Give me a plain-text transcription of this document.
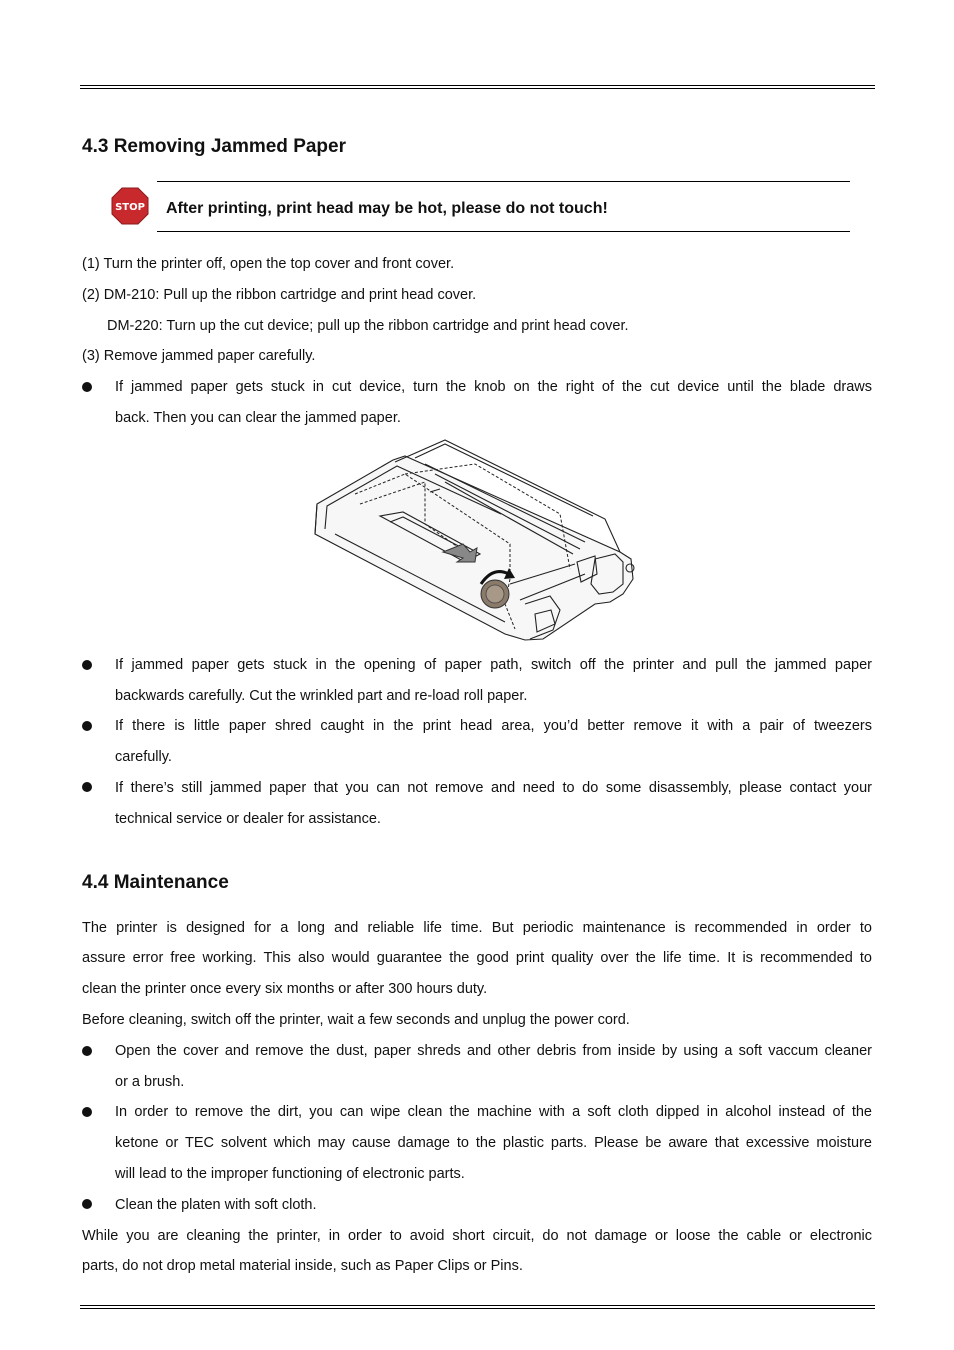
4.3 Removing Jammed Paper
STOP After printing, print head may be hot, please do not touch!
(1) Turn the printer off, open the top cover and front cover.
(2) DM-210: Pull up the ribbon cartridge and print head cover.
DM-220: Turn up the cut device; pull up the ribbon cartridge and print head cover.
(3) Remove jammed paper carefully.
If jammed paper gets stuck in cut device, turn the knob on the right of the cut device until the blade draws
back. Then you can clear the jammed paper.
If jammed paper gets stuck in the opening of paper path, switch off the printer and pull the jammed paper
backwards carefully. Cut the wrinkled part and re-load roll paper.
If there is little paper shred caught in the print head area, you’d better remove it with a pair of tweezers
carefully.
If there’s still jammed paper that you can not remove and need to do some disassembly, please contact your
technical service or dealer for assistance.
4.4 Maintenance
The printer is designed for a long and reliable life time. But periodic maintenance is recommended in order to
assure error free working. This also would guarantee the good print quality over the life time. It is recommended to
clean the printer once every six months or after 300 hours duty.
Before cleaning, switch off the printer, wait a few seconds and unplug the power cord.
Open the cover and remove the dust, paper shreds and other debris from inside by using a soft vaccum cleaner
or a brush.
In order to remove the dirt, you can wipe clean the machine with a soft cloth dipped in alcohol instead of the
ketone or TEC solvent which may cause damage to the plastic parts. Please be aware that excessive moisture
will lead to the improper functioning of electronic parts.
Clean the platen with soft cloth.
While you are cleaning the printer, in order to avoid short circuit, do not damage or loose the cable or electronic
parts, do not drop metal material inside, such as Paper Clips or Pins.
